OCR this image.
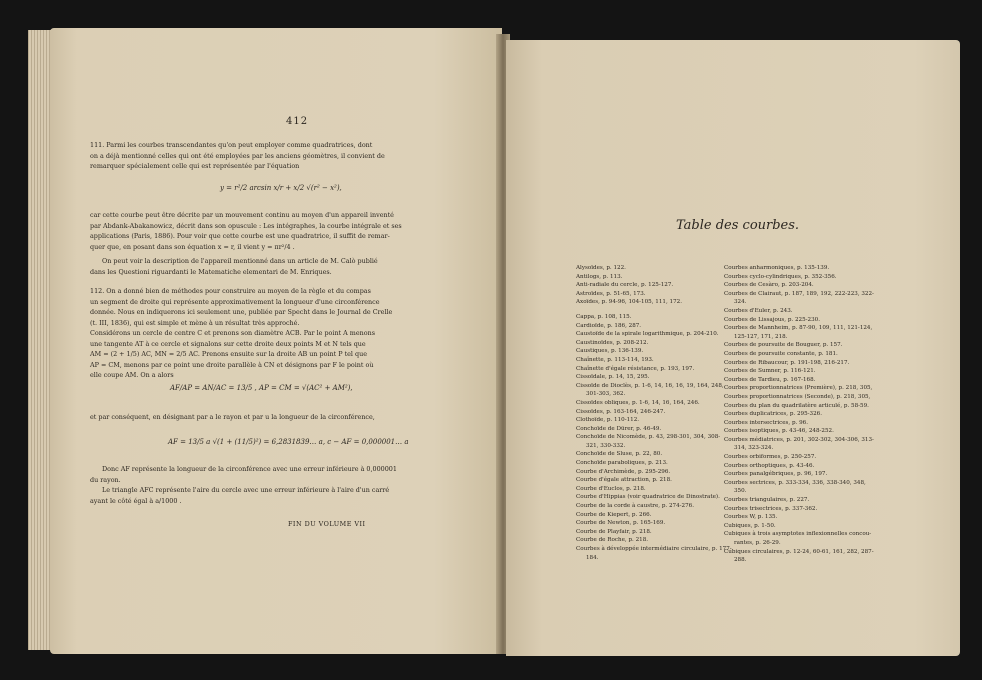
412
111. Parmi les courbes transcendantes qu'on peut employer comme quadratrices, dont
on a déjà mentionné celles qui ont été employées par les anciens géomètres, il convient de
remarquer spécialement celle qui est représentée par l'équation
y = r²/2 arcsin x/r + x/2 √(r² − x²),
car cette courbe peut être décrite par un mouvement continu au moyen d'un appareil inventé
par Abdank-Abakanowicz, décrit dans son opuscule : Les intégraphes, la courbe intégrale et ses
applications (Paris, 1886). Pour voir que cette courbe est une quadratrice, il suffit de remar-
quer que, en posant dans son équation x = r, il vient y = πr²/4 .
On peut voir la description de l'appareil mentionné dans un article de M. Calò publié
dans les Questioni riguardanti le Matematiche elementari de M. Enriques.
112. On a donné bien de méthodes pour construire au moyen de la règle et du compas
un segment de droite qui représente approximativement la longueur d'une circonférence
donnée. Nous en indiquerons ici seulement une, publiée par Specht dans le Journal de Crelle
(t. III, 1836), qui est simple et mène à un résultat très approché.
Considérons un cercle de centre C et prenons son diamètre ACB. Par le point A menons
une tangente AT à ce cercle et signalons sur cette droite deux points M et N tels que
AM = (2 + 1/5) AC, MN = 2/5 AC. Prenons ensuite sur la droite AB un point P tel que
AP = CM, menons par ce point une droite parallèle à CN et désignons par F le point où
elle coupe AM. On a alors
AF/AP = AN/AC = 13/5 , AP = CM = √(AC² + AM²),
et par conséquent, en désignant par a le rayon et par u la longueur de la circonférence,
AF = 13/5 a √(1 + (11/5)²) = 6,2831839… a, c − AF = 0,000001… a
Donc AF représente la longueur de la circonférence avec une erreur inférieure à 0,000001
du rayon.
Le triangle AFC représente l'aire du cercle avec une erreur inférieure à l'aire d'un carré
ayant le côté égal à a/1000 .
FIN DU VOLUME VII
Table des courbes.
Alysoïdes, p. 122.
Antilogs, p. 113.
Anti-radiale du cercle, p. 125-127.
Astroïdes, p. 51-65, 173.
Axoïdes, p. 94-96, 104-105, 111, 172.
Cappa, p. 108, 115.
Cardioïde, p. 186, 287.
Caustoïde de la spirale logarithmique, p. 204-210.
Caustinoïdes, p. 208-212.
Caustiques, p. 136-139.
Chaînette, p. 113-114, 193.
Chaînette d'égale résistance, p. 193, 197.
Cissoïdale, p. 14, 15, 295.
Cissoïde de Dioclès, p. 1-6, 14, 16, 16, 19, 164, 248,
301-303, 362.
Cissoïdes obliques, p. 1-6, 14, 16, 164, 246.
Cissoïdes, p. 163-164, 246-247.
Clothoïde, p. 110-112.
Conchoïde de Dürer, p. 46-49.
Conchoïde de Nicomède, p. 43, 298-301, 304, 308-
321, 330-332.
Conchoïde de Sluse, p. 22, 80.
Conchoïde paraboliques, p. 213.
Courbe d'Archimède, p. 295-296.
Courbe d'égale attraction, p. 218.
Courbe d'Euclos, p. 218.
Courbe d'Hippias (voir quadratrice de Dinostrate).
Courbe de la corde à caustre, p. 274-276.
Courbe de Kiepert, p. 266.
Courbe de Newton, p. 165-169.
Courbe de Playfair, p. 218.
Courbe de Roche, p. 218.
Courbes à développée intermédiaire circulaire, p. 177-
184.
Courbes anharmoniques, p. 135-139.
Courbes cyclo-cylindriques, p. 352-356.
Courbes de Cesàro, p. 203-204.
Courbes de Clairaut, p. 187, 189, 192, 222-223, 322-
324.
Courbes d'Euler, p. 243.
Courbes de Lissajous, p. 225-230.
Courbes de Mannheim, p. 87-90, 109, 111, 121-124,
125-127, 171, 218.
Courbes de poursuite de Bouguer, p. 157.
Courbes de poursuite constante, p. 181.
Courbes de Ribaucour, p. 191-198, 216-217.
Courbes de Sumner, p. 116-121.
Courbes de Tardieu, p. 167-168.
Courbes proportionnatrices (Première), p. 218, 305,
Courbes proportionnatrices (Seconde), p. 218, 305,
Courbes du plan du quadrilatère articulé, p. 58-59.
Courbes duplicatrices, p. 295-326.
Courbes intersectrices, p. 96.
Courbes isoptiques, p. 43-46, 248-252.
Courbes médiatrices, p. 201, 302-302, 304-306, 313-
314, 323-324.
Courbes orbiformes, p. 250-257.
Courbes orthoptiques, p. 43-46.
Courbes panalgébriques, p. 96, 197.
Courbes sectrices, p. 333-334, 336, 338-340, 348,
350.
Courbes triangulaires, p. 227.
Courbes trisectrices, p. 337-362.
Courbes W, p. 135.
Cubiques, p. 1-50.
Cubiques à trois asymptotes inflexionnelles concou-
rantes, p. 26-29.
Cubiques circulaires, p. 12-24, 60-61, 161, 282, 287-
288.
